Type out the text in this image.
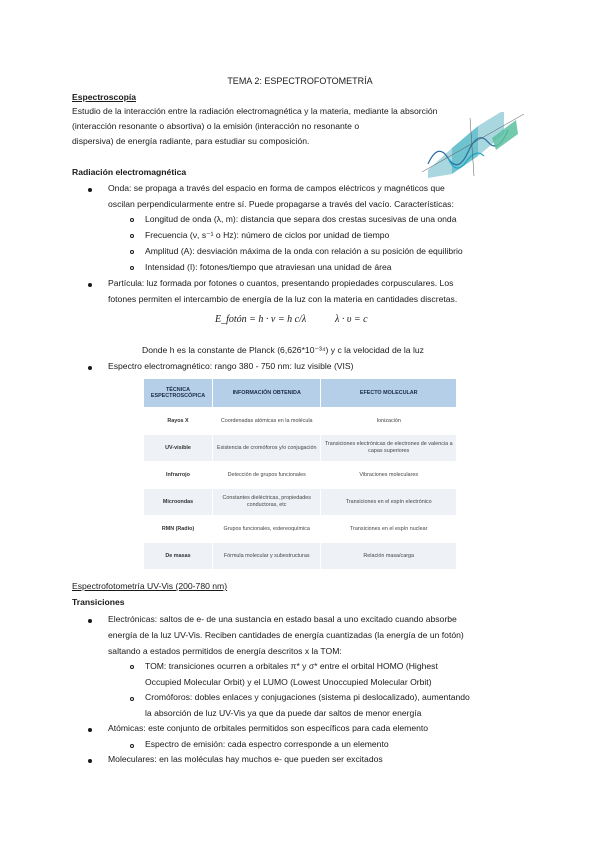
TEMA 2: ESPECTROFOTOMETRÍA
Espectroscopía
Estudio de la interacción entre la radiación electromagnética y la materia, mediante la absorción
(interacción resonante o absortiva) o la emisión (interacción no resonante o
dispersiva) de energía radiante, para estudiar su composición.
Radiación electromagnética
Onda: se propaga a través del espacio en forma de campos eléctricos y magnéticos que
oscilan perpendicularmente entre sí. Puede propagarse a través del vacío. Características:
Longitud de onda (λ, m): distancia que separa dos crestas sucesivas de una onda
Frecuencia (ν, s⁻¹ o Hz): número de ciclos por unidad de tiempo
Amplitud (A): desviación máxima de la onda con relación a su posición de equilibrio
Intensidad (I): fotones/tiempo que atraviesan una unidad de área
Partícula: luz formada por fotones o cuantos, presentando propiedades corpusculares. Los
fotones permiten el intercambio de energía de la luz con la materia en cantidades discretas.
E_fotón = h · ν = h c/λ	λ · υ = c
Donde h es la constante de Planck (6,626*10⁻³⁴) y c la velocidad de la luz
Espectro electromagnético: rango 380 - 750 nm: luz visible (VIS)
TÉCNICA ESPECTROSCÓPICA	INFORMACIÓN OBTENIDA	EFECTO MOLECULAR
Rayos X	Coordenadas atómicas en la molécula	Ionización
UV-visible	Existencia de cromóforos y/o conjugación	Transiciones electrónicas de electrones de valencia a capas superiores
Infrarrojo	Detección de grupos funcionales	Vibraciones moleculares
Microondas	Constantes dieléctricas, propiedades conductoras, etc	Transiciones en el espín electrónico
RMN (Radio)	Grupos funcionales, estereoquímica	Transiciones en el espín nuclear
De masas	Fórmula molecular y subestructuras	Relación masa/carga
Espectrofotometría UV-Vis (200-780 nm)
Transiciones
Electrónicas: saltos de e- de una sustancia en estado basal a uno excitado cuando absorbe
energía de la luz UV-Vis. Reciben cantidades de energía cuantizadas (la energía de un fotón)
saltando a estados permitidos de energía descritos x la TOM:
TOM: transiciones ocurren a orbitales π* y σ* entre el orbital HOMO (Highest
Occupied Molecular Orbit) y el LUMO (Lowest Unoccupied Molecular Orbit)
Cromóforos: dobles enlaces y conjugaciones (sistema pi deslocalizado), aumentando
la absorción de luz UV-Vis ya que da puede dar saltos de menor energía
Atómicas: este conjunto de orbitales permitidos son específicos para cada elemento
Espectro de emisión: cada espectro corresponde a un elemento
Moleculares: en las moléculas hay muchos e- que pueden ser excitados
